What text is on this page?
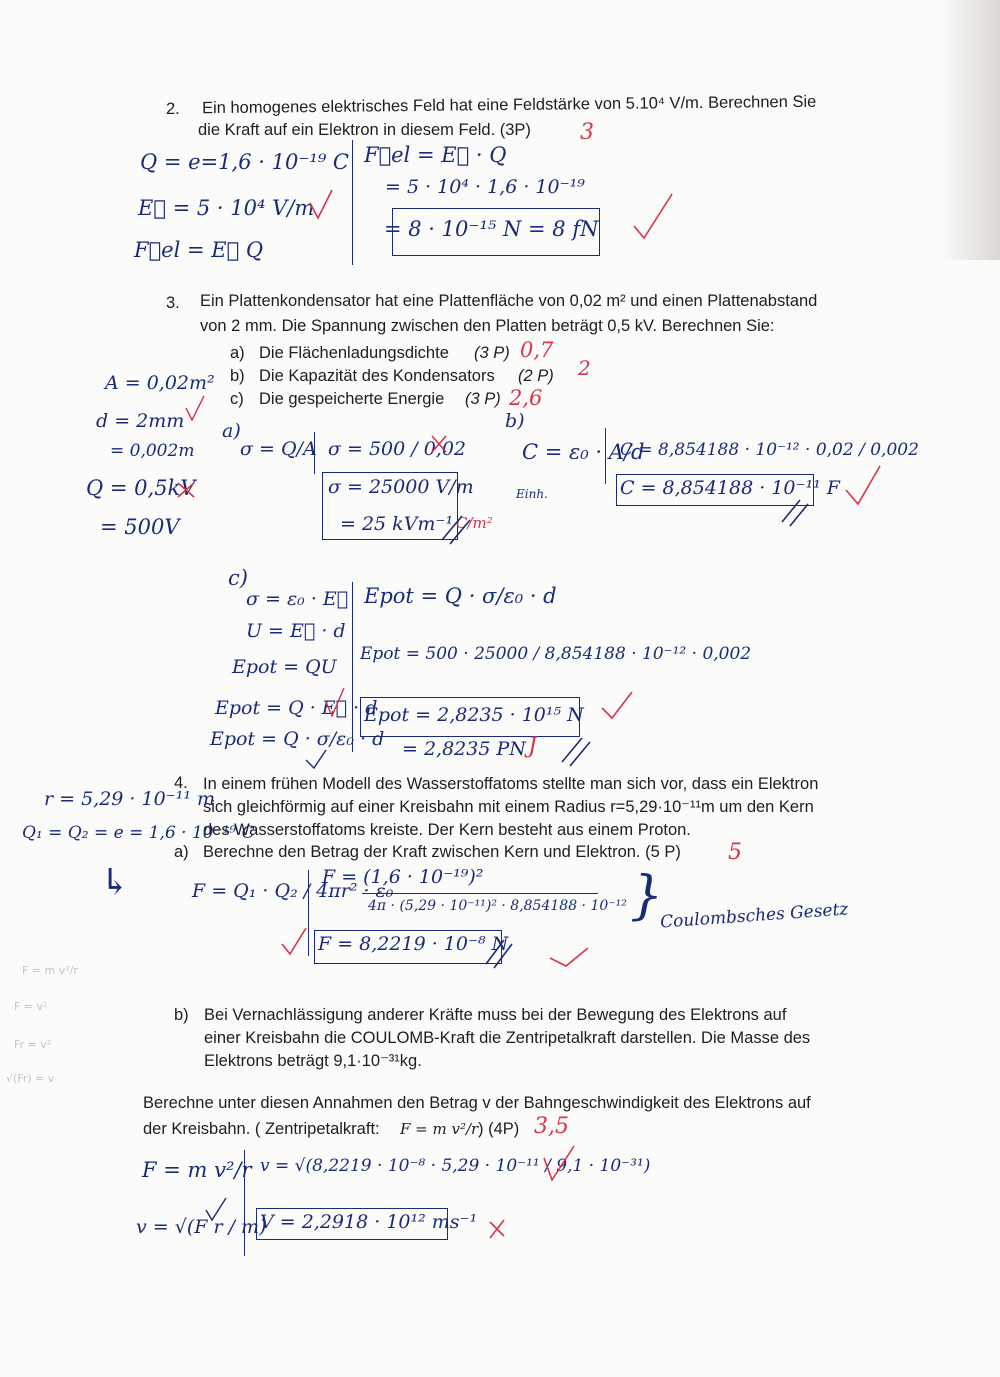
2. Ein homogenes elektrisches Feld hat eine Feldstärke von 5.10⁴ V/m. Berechnen Sie
die Kraft auf ein Elektron in diesem Feld. (3P) 3
Q = e=1,6 · 10⁻¹⁹ C
E⃗ = 5 · 10⁴ V/m
F⃗el = E⃗ Q
F⃗el = E⃗ · Q
= 5 · 10⁴ · 1,6 · 10⁻¹⁹
= 8 · 10⁻¹⁵ N = 8 fN
3. Ein Plattenkondensator hat eine Plattenfläche von 0,02 m² und einen Plattenabstand
von 2 mm. Die Spannung zwischen den Platten beträgt 0,5 kV. Berechnen Sie:
a) Die Flächenladungsdichte (3 P) 0,7
b) Die Kapazität des Kondensators (2 P) 2
c) Die gespeicherte Energie (3 P) 2,6
A = 0,02m²
d = 2mm
= 0,002m
Q = 0,5kV
= 500V
a)
σ = Q/A σ = 500 / 0,02
σ = 25000 V/m
= 25 kVm⁻¹ C/m²
b)
C = ε₀ · A/d
Einh.
C = 8,854188 · 10⁻¹² · 0,02 / 0,002
C = 8,854188 · 10⁻¹¹ F
c)
σ = ε₀ · E⃗
U = E⃗ · d
Epot = QU
Epot = Q · E⃗ · d
Epot = Q · σ/ε₀ · d
Epot = Q · σ/ε₀ · d
Epot = 500 · 25000 / 8,854188 · 10⁻¹² · 0,002
Epot = 2,8235 · 10¹⁵ N
= 2,8235 PN J
4. In einem frühen Modell des Wasserstoffatoms stellte man sich vor, dass ein Elektron
sich gleichförmig auf einer Kreisbahn mit einem Radius r=5,29·10⁻¹¹m um den Kern
des Wasserstoffatoms kreiste. Der Kern besteht aus einem Proton.
a) Berechne den Betrag der Kraft zwischen Kern und Elektron. (5 P) 5
r = 5,29 · 10⁻¹¹ m
Q₁ = Q₂ = e = 1,6 · 10⁻¹⁹ C
↳	F = Q₁ · Q₂ / 4πr² · ε₀
F = (1,6 · 10⁻¹⁹)²
4π · (5,29 · 10⁻¹¹)² · 8,854188 · 10⁻¹²
F = 8,2219 · 10⁻⁸ N
}
Coulombsches Gesetz
b) Bei Vernachlässigung anderer Kräfte muss bei der Bewegung des Elektrons auf
einer Kreisbahn die COULOMB-Kraft die Zentripetalkraft darstellen. Die Masse des
Elektrons beträgt 9,1·10⁻³¹kg.
Berechne unter diesen Annahmen den Betrag v der Bahngeschwindigkeit des Elektrons auf
der Kreisbahn. ( Zentripetalkraft: F = m v²/r ) (4P) 3,5
F = m v²/r
v = √(F r / m)
v = √(8,2219 · 10⁻⁸ · 5,29 · 10⁻¹¹ / 9,1 · 10⁻³¹)
V = 2,2918 · 10¹² ms⁻¹
F = m v²/r
F = v²
Fr = v²
√(Fr) = v
